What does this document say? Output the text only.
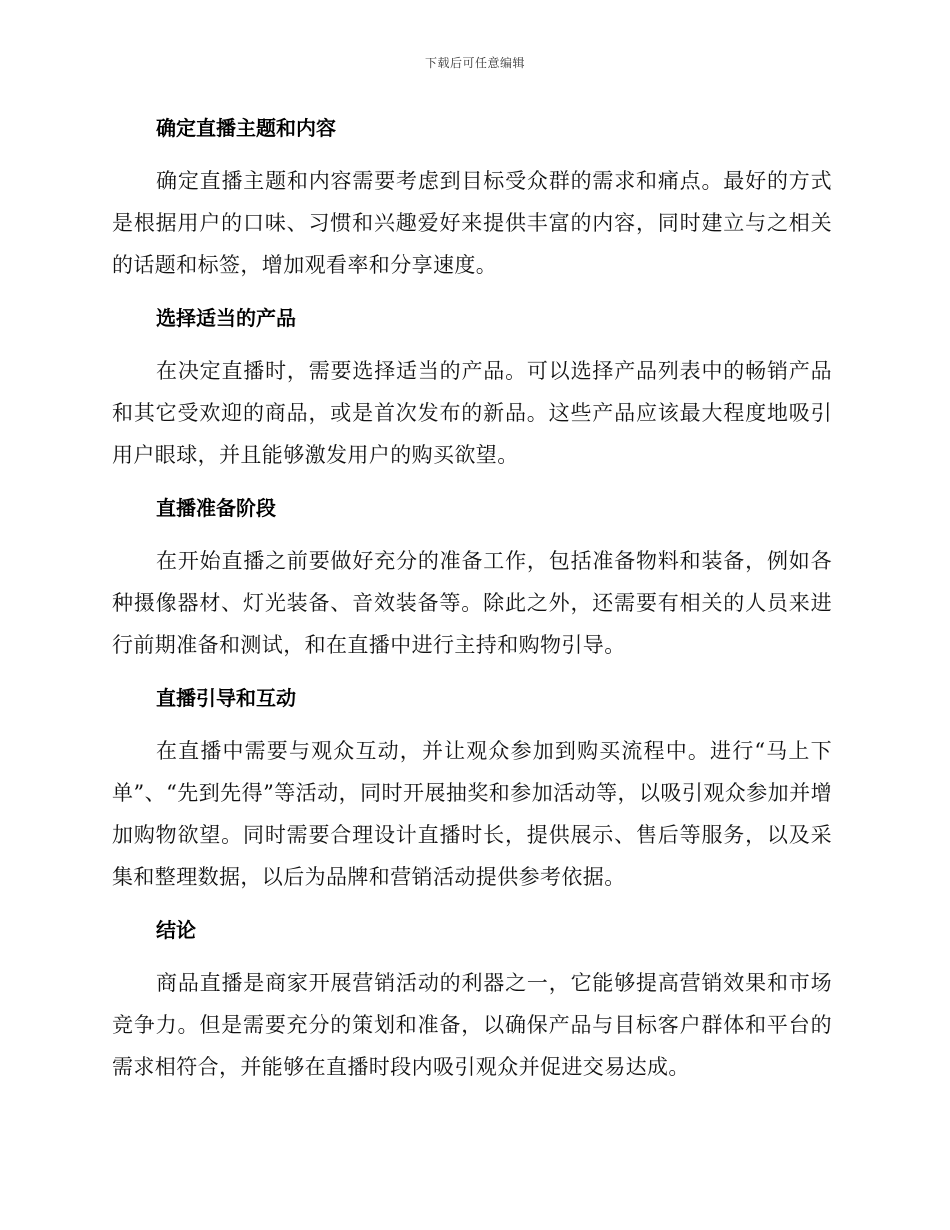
下载后可任意编辑
确定直播主题和内容

确定直播主题和内容需要考虑到目标受众群的需求和痛点。最好的方式是根据用户的口味、习惯和兴趣爱好来提供丰富的内容，同时建立与之相关的话题和标签，增加观看率和分享速度。

选择适当的产品

在决定直播时，需要选择适当的产品。可以选择产品列表中的畅销产品和其它受欢迎的商品，或是首次发布的新品。这些产品应该最大程度地吸引用户眼球，并且能够激发用户的购买欲望。

直播准备阶段

在开始直播之前要做好充分的准备工作，包括准备物料和装备，例如各种摄像器材、灯光装备、音效装备等。除此之外，还需要有相关的人员来进行前期准备和测试，和在直播中进行主持和购物引导。

直播引导和互动

在直播中需要与观众互动，并让观众参加到购买流程中。进行“马上下单”、“先到先得”等活动，同时开展抽奖和参加活动等，以吸引观众参加并增加购物欲望。同时需要合理设计直播时长，提供展示、售后等服务，以及采集和整理数据，以后为品牌和营销活动提供参考依据。

结论

商品直播是商家开展营销活动的利器之一，它能够提高营销效果和市场竞争力。但是需要充分的策划和准备，以确保产品与目标客户群体和平台的需求相符合，并能够在直播时段内吸引观众并促进交易达成。
